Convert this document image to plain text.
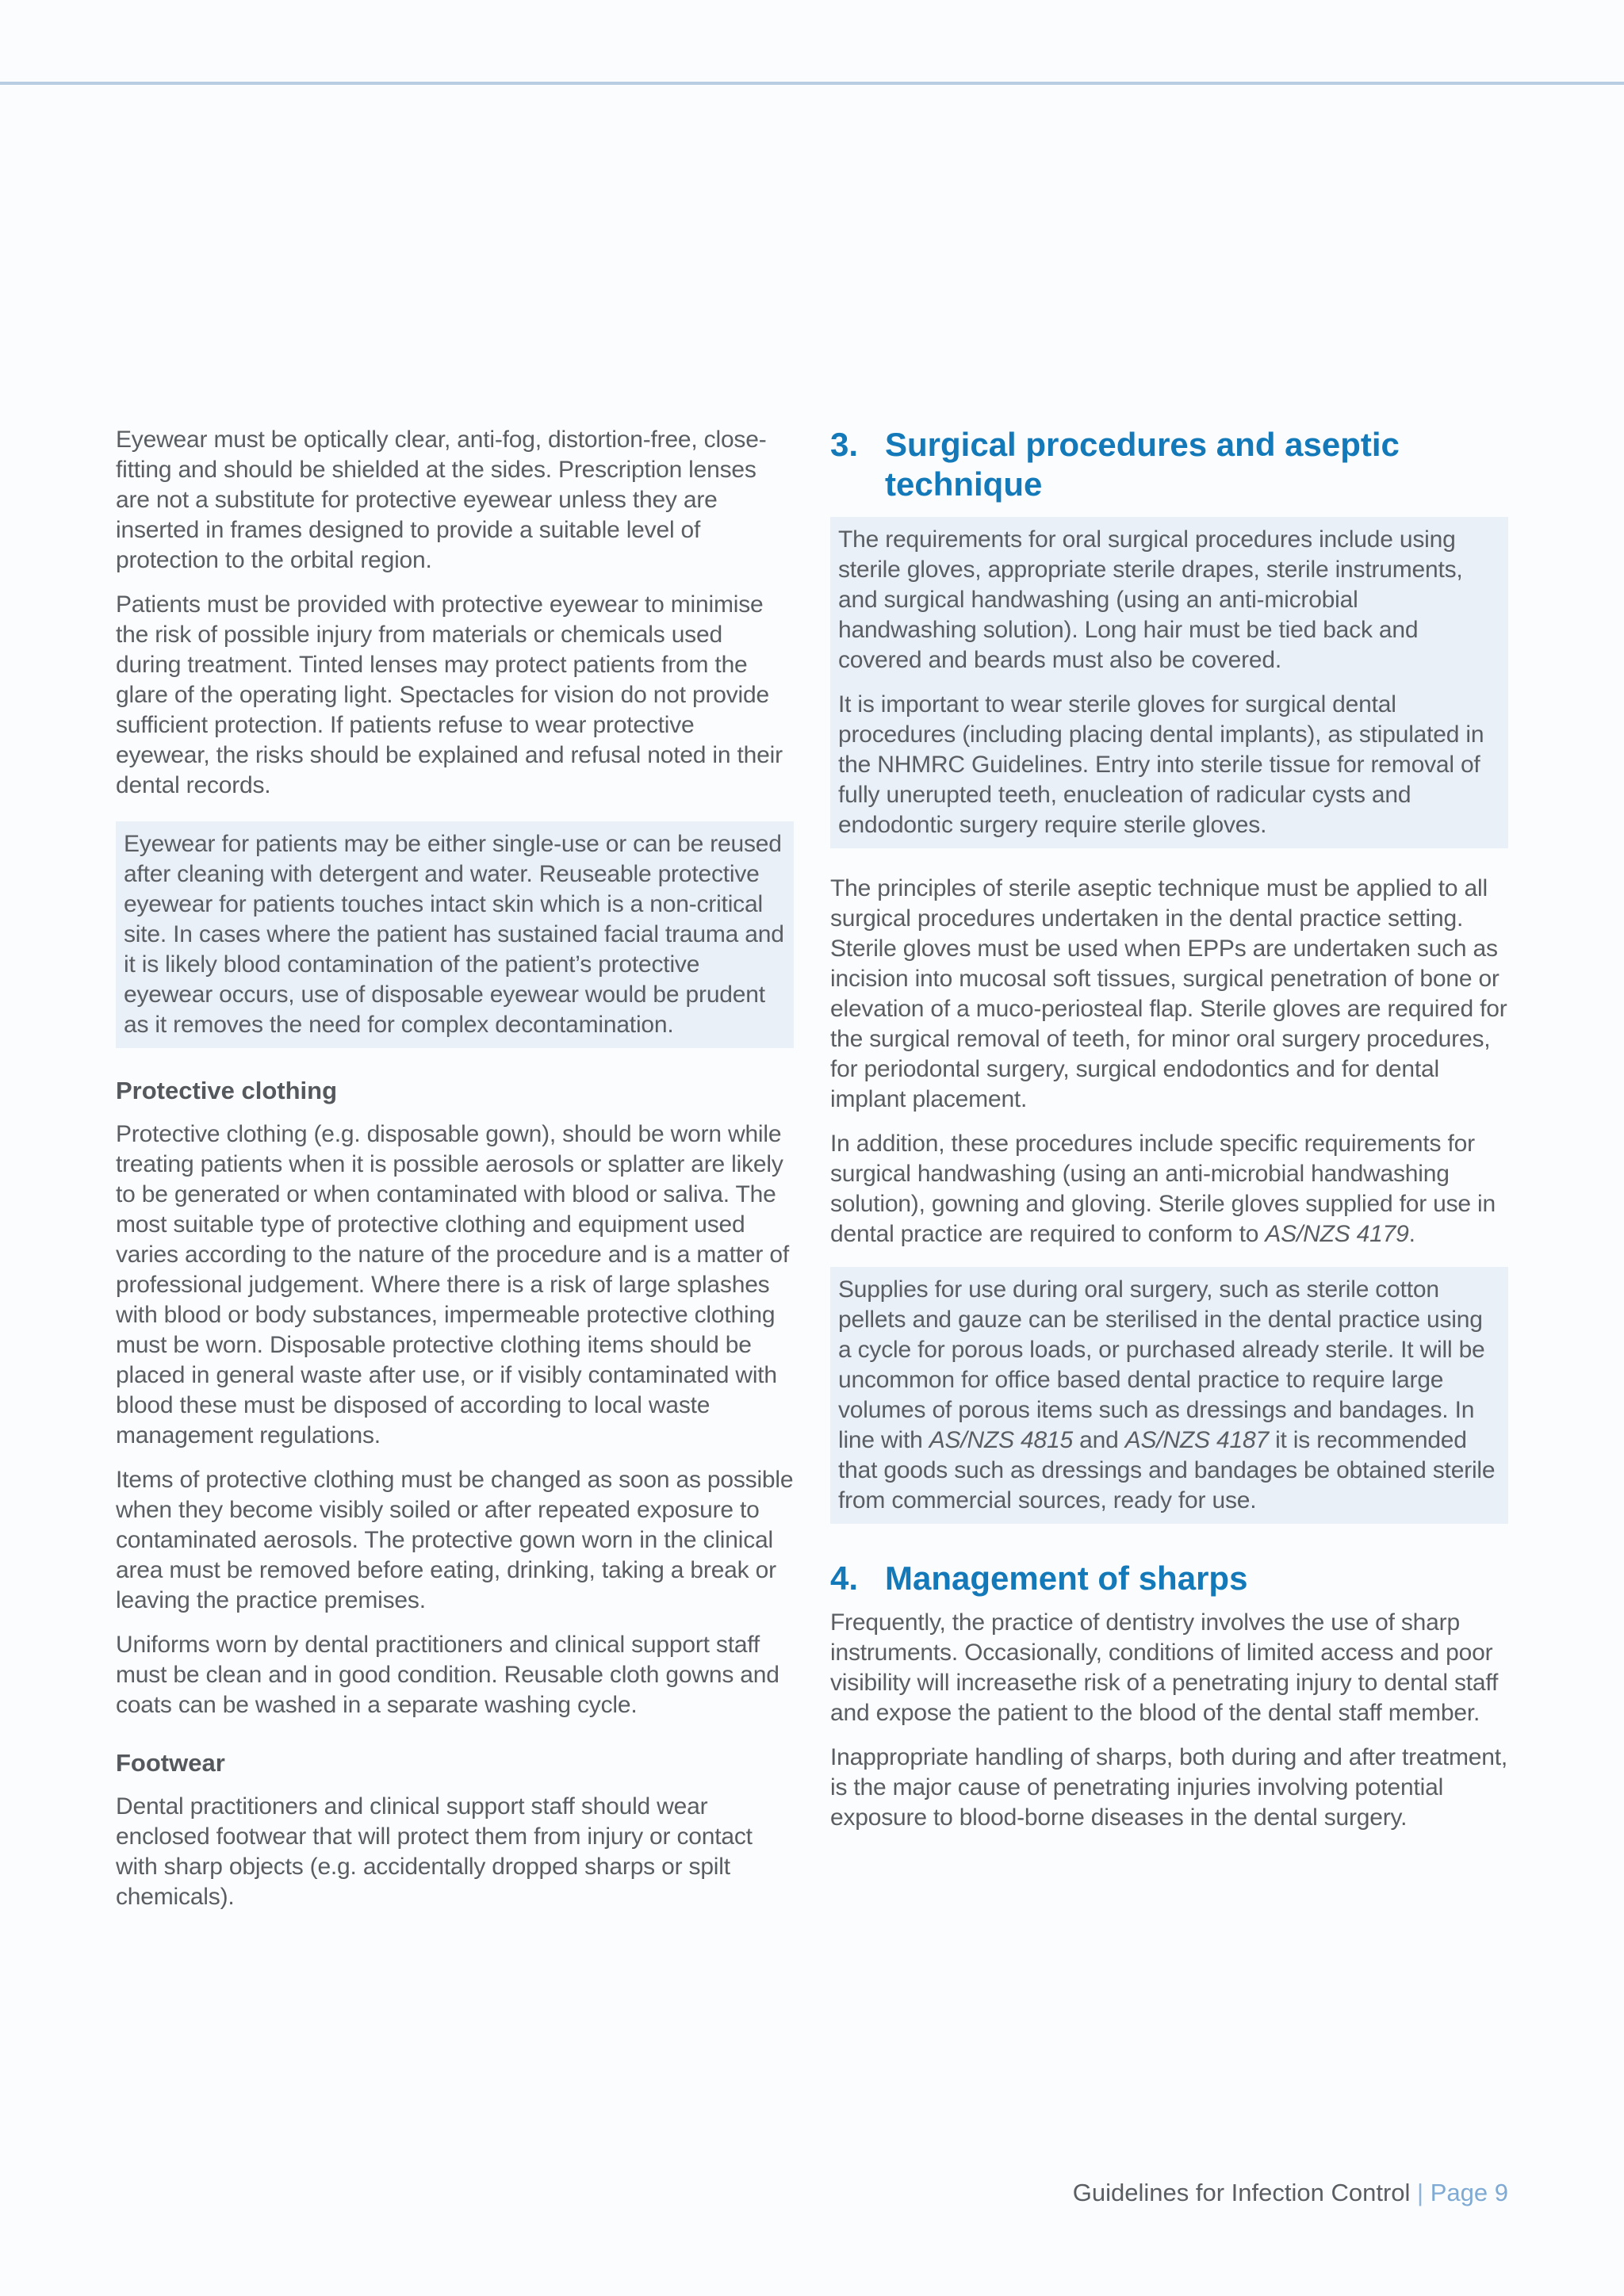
Eyewear must be optically clear, anti-fog, distortion-free, close-fitting and should be shielded at the sides. Prescription lenses are not a substitute for protective eyewear unless they are inserted in frames designed to provide a suitable level of protection to the orbital region.

Patients must be provided with protective eyewear to minimise the risk of possible injury from materials or chemicals used during treatment. Tinted lenses may protect patients from the glare of the operating light. Spectacles for vision do not provide sufficient protection. If patients refuse to wear protective eyewear, the risks should be explained and refusal noted in their dental records.

Eyewear for patients may be either single-use or can be reused after cleaning with detergent and water. Reuseable protective eyewear for patients touches intact skin which is a non-critical site. In cases where the patient has sustained facial trauma and it is likely blood contamination of the patient’s protective eyewear occurs, use of disposable eyewear would be prudent as it removes the need for complex decontamination.

Protective clothing

Protective clothing (e.g. disposable gown), should be worn while treating patients when it is possible aerosols or splatter are likely to be generated or when contaminated with blood or saliva. The most suitable type of protective clothing and equipment used varies according to the nature of the procedure and is a matter of professional judgement. Where there is a risk of large splashes with blood or body substances, impermeable protective clothing must be worn. Disposable protective clothing items should be placed in general waste after use, or if visibly contaminated with blood these must be disposed of according to local waste management regulations.

Items of protective clothing must be changed as soon as possible when they become visibly soiled or after repeated exposure to contaminated aerosols. The protective gown worn in the clinical area must be removed before eating, drinking, taking a break or leaving the practice premises.

Uniforms worn by dental practitioners and clinical support staff must be clean and in good condition. Reusable cloth gowns and coats can be washed in a separate washing cycle.

Footwear

Dental practitioners and clinical support staff should wear enclosed footwear that will protect them from injury or contact with sharp objects (e.g. accidentally dropped sharps or spilt chemicals).

3. Surgical procedures and aseptic technique

The requirements for oral surgical procedures include using sterile gloves, appropriate sterile drapes, sterile instruments, and surgical handwashing (using an anti-microbial handwashing solution). Long hair must be tied back and covered and beards must also be covered.

It is important to wear sterile gloves for surgical dental procedures (including placing dental implants), as stipulated in the NHMRC Guidelines. Entry into sterile tissue for removal of fully unerupted teeth, enucleation of radicular cysts and endodontic surgery require sterile gloves.

The principles of sterile aseptic technique must be applied to all surgical procedures undertaken in the dental practice setting. Sterile gloves must be used when EPPs are undertaken such as incision into mucosal soft tissues, surgical penetration of bone or elevation of a muco-periosteal flap. Sterile gloves are required for the surgical removal of teeth, for minor oral surgery procedures, for periodontal surgery, surgical endodontics and for dental implant placement.

In addition, these procedures include specific requirements for surgical handwashing (using an anti-microbial handwashing solution), gowning and gloving. Sterile gloves supplied for use in dental practice are required to conform to AS/NZS 4179.

Supplies for use during oral surgery, such as sterile cotton pellets and gauze can be sterilised in the dental practice using a cycle for porous loads, or purchased already sterile. It will be uncommon for office based dental practice to require large volumes of porous items such as dressings and bandages. In line with AS/NZS 4815 and AS/NZS 4187 it is recommended that goods such as dressings and bandages be obtained sterile from commercial sources, ready for use.

4. Management of sharps

Frequently, the practice of dentistry involves the use of sharp instruments. Occasionally, conditions of limited access and poor visibility will increasethe risk of a penetrating injury to dental staff and expose the patient to the blood of the dental staff member.

Inappropriate handling of sharps, both during and after treatment, is the major cause of penetrating injuries involving potential exposure to blood-borne diseases in the dental surgery.

Guidelines for Infection Control | Page 9
